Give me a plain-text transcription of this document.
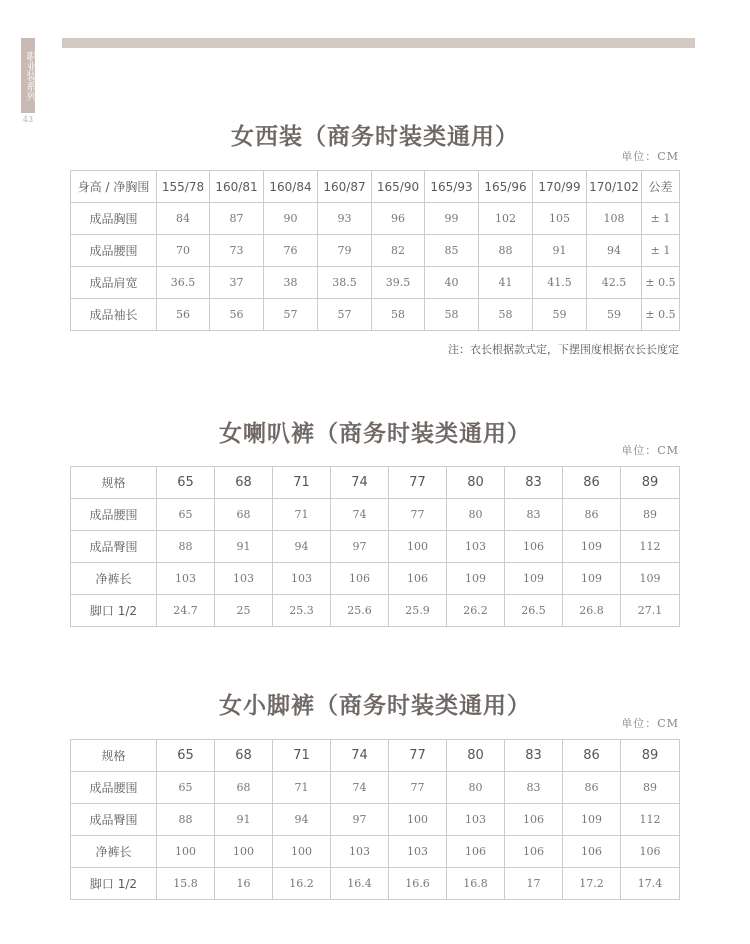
职业装系列
43
女西装（商务时装类通用）
单位：CM
身高 / 净胸围	155/78	160/81	160/84	160/87	165/90	165/93	165/96	170/99	170/102	公差
成品胸围	84	87	90	93	96	99	102	105	108	± 1
成品腰围	70	73	76	79	82	85	88	91	94	± 1
成品肩宽	36.5	37	38	38.5	39.5	40	41	41.5	42.5	± 0.5
成品袖长	56	56	57	57	58	58	58	59	59	± 0.5
注：衣长根据款式定，下摆围度根据衣长长度定
女喇叭裤（商务时装类通用）
单位：CM
规格	65	68	71	74	77	80	83	86	89
成品腰围	65	68	71	74	77	80	83	86	89
成品臀围	88	91	94	97	100	103	106	109	112
净裤长	103	103	103	106	106	109	109	109	109
脚口 1/2	24.7	25	25.3	25.6	25.9	26.2	26.5	26.8	27.1
女小脚裤（商务时装类通用）
单位：CM
规格	65	68	71	74	77	80	83	86	89
成品腰围	65	68	71	74	77	80	83	86	89
成品臀围	88	91	94	97	100	103	106	109	112
净裤长	100	100	100	103	103	106	106	106	106
脚口 1/2	15.8	16	16.2	16.4	16.6	16.8	17	17.2	17.4
